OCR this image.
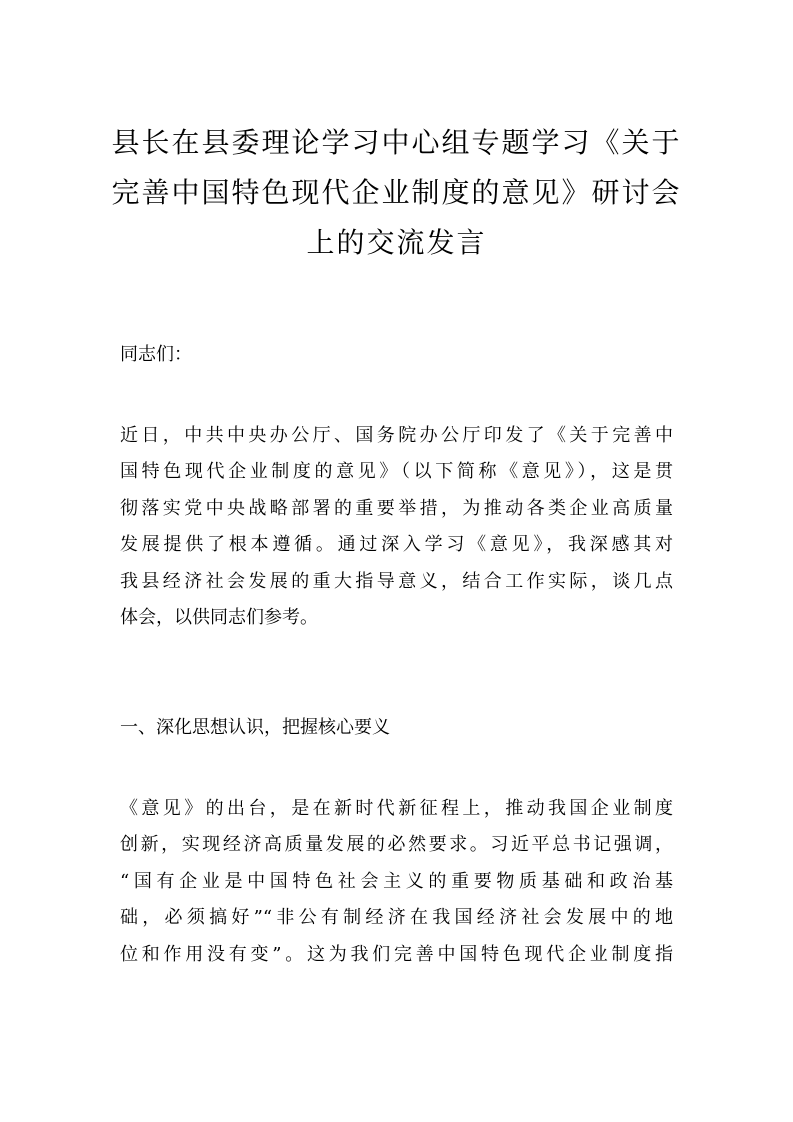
县长在县委理论学习中心组专题学习《关于
完善中国特色现代企业制度的意见》研讨会
上的交流发言

同志们：

近日，中共中央办公厅、国务院办公厅印发了《关于完善中
国特色现代企业制度的意见》（以下简称《意见》），这是贯
彻落实党中央战略部署的重要举措，为推动各类企业高质量
发展提供了根本遵循。通过深入学习《意见》，我深感其对
我县经济社会发展的重大指导意义，结合工作实际，谈几点
体会，以供同志们参考。

一、深化思想认识，把握核心要义

《意见》的出台，是在新时代新征程上，推动我国企业制度
创新，实现经济高质量发展的必然要求。习近平总书记强调，
“国有企业是中国特色社会主义的重要物质基础和政治基
础，必须搞好”“非公有制经济在我国经济社会发展中的地
位和作用没有变”。这为我们完善中国特色现代企业制度指
